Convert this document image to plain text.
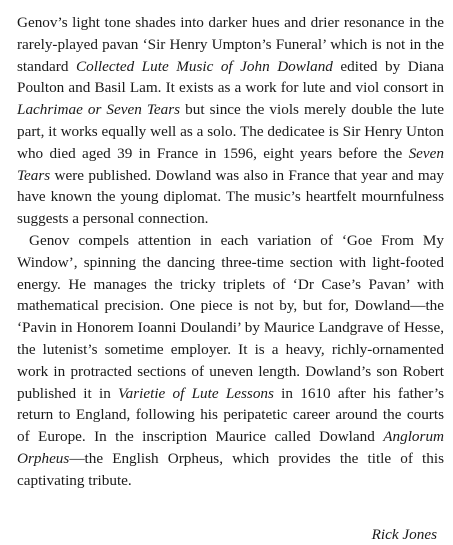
Genov’s light tone shades into darker hues and drier resonance in the rarely-played pavan ‘Sir Henry Umpton’s Funeral’ which is not in the standard Collected Lute Music of John Dowland edited by Diana Poulton and Basil Lam. It exists as a work for lute and viol consort in Lachrimae or Seven Tears but since the viols merely double the lute part, it works equally well as a solo. The dedicatee is Sir Henry Unton who died aged 39 in France in 1596, eight years before the Seven Tears were published. Dowland was also in France that year and may have known the young diplomat. The music’s heartfelt mournfulness suggests a personal connection.

Genov compels attention in each variation of ‘Goe From My Window’, spinning the dancing three-time section with light-footed energy. He manages the tricky triplets of ‘Dr Case’s Pavan’ with mathematical precision. One piece is not by, but for, Dowland—the ‘Pavin in Honorem Ioanni Doulandi’ by Maurice Landgrave of Hesse, the lutenist’s sometime employer. It is a heavy, richly-ornamented work in protracted sections of uneven length. Dowland’s son Robert published it in Varietie of Lute Lessons in 1610 after his father’s return to England, following his peripatetic career around the courts of Europe. In the inscription Maurice called Dowland Anglorum Orpheus—the English Orpheus, which provides the title of this captivating tribute.

Rick Jones
